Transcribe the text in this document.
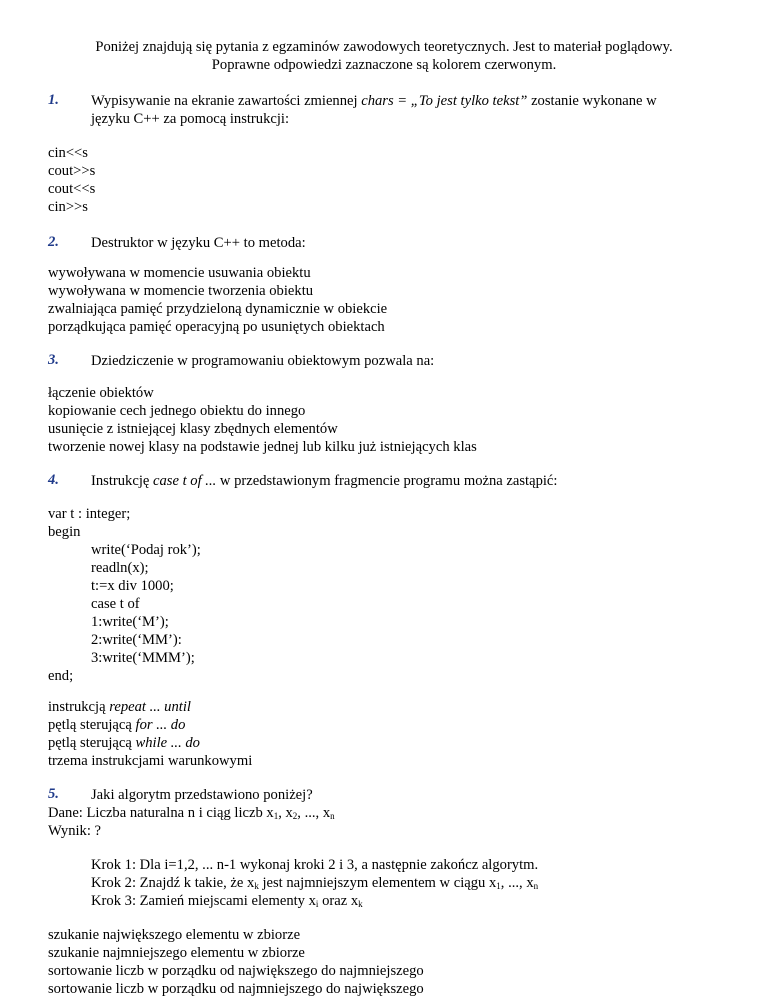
Poniżej znajdują się pytania z egzaminów zawodowych teoretycznych. Jest to materiał poglądowy.
Poprawne odpowiedzi zaznaczone są kolorem czerwonym.
1. Wypisywanie na ekranie zawartości zmiennej chars = „To jest tylko tekst” zostanie wykonane w
języku C++ za pomocą instrukcji:
cin<<s
cout>>s
cout<<s
cin>>s
2. Destruktor w języku C++ to metoda:
wywoływana w momencie usuwania obiektu
wywoływana w momencie tworzenia obiektu
zwalniająca pamięć przydzieloną dynamicznie w obiekcie
porządkująca pamięć operacyjną po usuniętych obiektach
3. Dziedziczenie w programowaniu obiektowym pozwala na:
łączenie obiektów
kopiowanie cech jednego obiektu do innego
usunięcie z istniejącej klasy zbędnych elementów
tworzenie nowej klasy na podstawie jednej lub kilku już istniejących klas
4. Instrukcję case t of ... w przedstawionym fragmencie programu można zastąpić:
var t : integer;
begin
write(‘Podaj rok’);
readln(x);
t:=x div 1000;
case t of
1:write(‘M’);
2:write(‘MM’):
3:write(‘MMM’);
end;
instrukcją repeat ... until
pętlą sterującą for ... do
pętlą sterującą while ... do
trzema instrukcjami warunkowymi
5. Jaki algorytm przedstawiono poniżej?
Dane: Liczba naturalna n i ciąg liczb $x_1$, $x_2$, ..., $x_n$
Wynik: ?
Krok 1: Dla i=1,2, ... n-1 wykonaj kroki 2 i 3, a następnie zakończ algorytm.
Krok 2: Znajdź k takie, że $x_k$ jest najmniejszym elementem w ciągu $x_1$, ..., $x_n$
Krok 3: Zamień miejscami elementy $x_i$ oraz $x_k$
szukanie największego elementu w zbiorze
szukanie najmniejszego elementu w zbiorze
sortowanie liczb w porządku od największego do najmniejszego
sortowanie liczb w porządku od najmniejszego do największego
